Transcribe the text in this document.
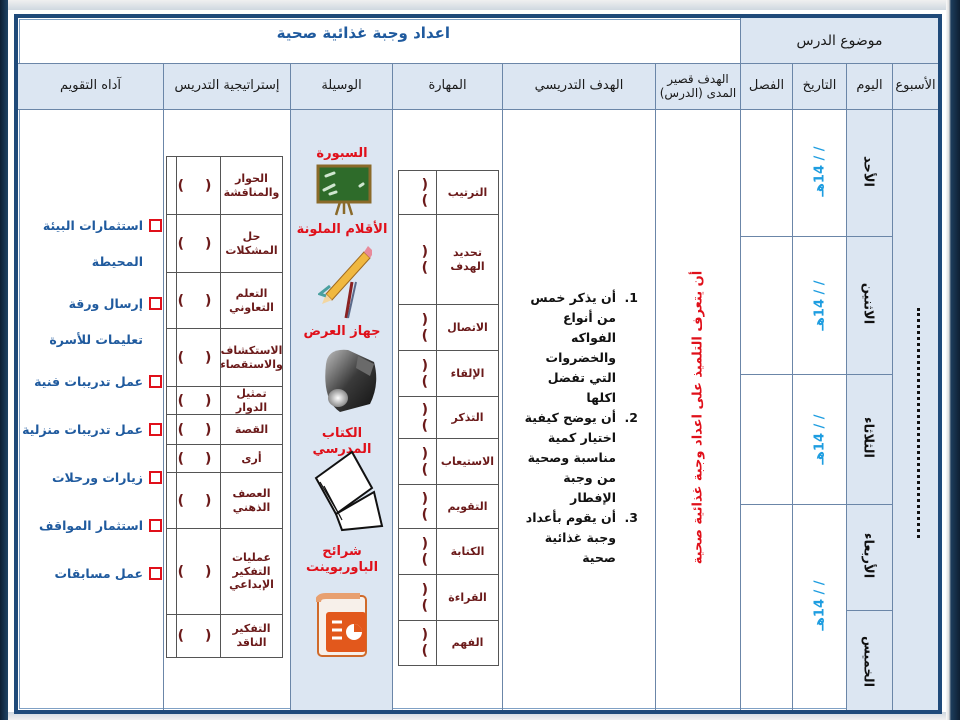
اعداد وجبة غذائية صحية	موضوع الدرس
الأسبوع
اليوم
التاريخ
الفصل
الهدف قصير المدى (الدرس)
الهدف التدريسي
المهارة
الوسيلة
إستراتيجية التدريس
آداه التقويم
الأحد
الاثنين
الثلاثاء
الأربعاء
الخميس
/ / 14هـ
/ / 14هـ
/ / 14هـ
/ / 14هـ
أن يتعرف التلميذ على اعداد وجبة غذائية صحية
1.
أن يذكر خمس من أنواع الفواكه والخضروات التي تفضل اكلها
2.
أن يوضح كيفية اختيار كمية مناسبة وصحية من وجبة الإفطار
3.
أن يقوم بأعداد وجبة غذائية صحية
الترتيب
( )
تحديد الهدف
( )
الاتصال
( )
الإلقاء
( )
التذكر
( )
الاستيعاب
( )
التقويم
( )
الكتابة
( )
القراءة
( )
الفهم
( )
السبورة
الأقلام الملونة
جهاز العرض
الكتاب المدرسي
شرائح الباوربوينت
الحوار والمناقشة
( )
حل المشكلات
( )
التعلم التعاوني
( )
الاستكشاف والاستقصاء
( )
تمثيل الدوار
( )
القصة
( )
أرى
( )
العصف الذهني
( )
عمليات التفكير الإبداعي
( )
التفكير الناقد
( )
استثمارات البيئة المحيطة
إرسال ورقة تعليمات للأسرة
عمل تدريبات فنية
عمل تدريبات منزلية
زيارات ورحلات
استثمار المواقف
عمل مسابقات
